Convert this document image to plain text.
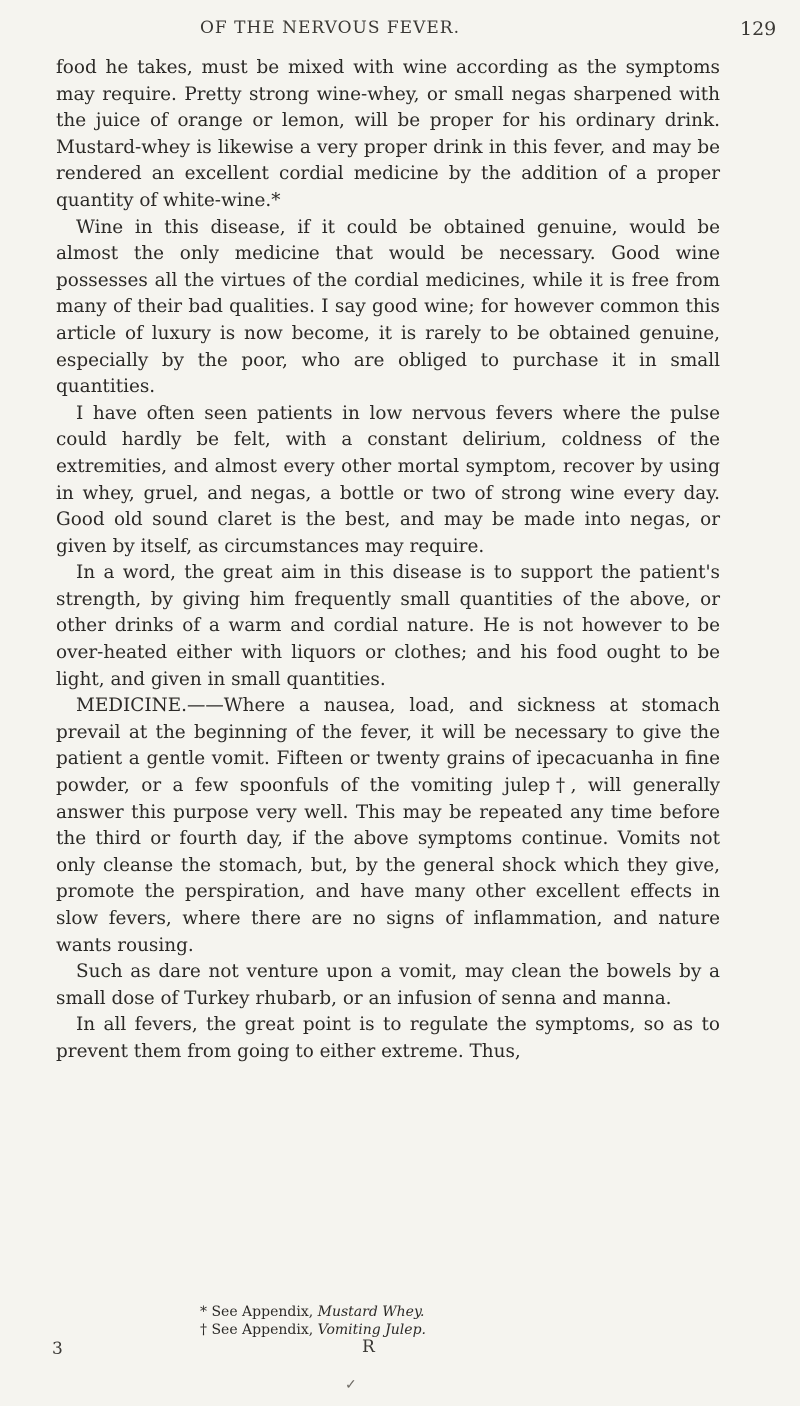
OF THE NERVOUS FEVER.	129

food he takes, must be mixed with wine according as the symptoms may require. Pretty strong wine-whey, or small negas sharpened with the juice of orange or lemon, will be proper for his ordinary drink. Mustard-whey is likewise a very proper drink in this fever, and may be rendered an excellent cordial medicine by the addition of a proper quantity of white-wine.*

Wine in this disease, if it could be obtained genuine, would be almost the only medicine that would be necessary. Good wine possesses all the virtues of the cordial medicines, while it is free from many of their bad qualities. I say good wine; for however common this article of luxury is now become, it is rarely to be obtained genuine, especially by the poor, who are obliged to purchase it in small quantities.

I have often seen patients in low nervous fevers where the pulse could hardly be felt, with a constant delirium, coldness of the extremities, and almost every other mortal symptom, recover by using in whey, gruel, and negas, a bottle or two of strong wine every day. Good old sound claret is the best, and may be made into negas, or given by itself, as circumstances may require.

In a word, the great aim in this disease is to support the patient's strength, by giving him frequently small quantities of the above, or other drinks of a warm and cordial nature. He is not however to be over-heated either with liquors or clothes; and his food ought to be light, and given in small quantities.

MEDICINE.——Where a nausea, load, and sickness at stomach prevail at the beginning of the fever, it will be necessary to give the patient a gentle vomit. Fifteen or twenty grains of ipecacuanha in fine powder, or a few spoonfuls of the vomiting julep†, will generally answer this purpose very well. This may be repeated any time before the third or fourth day, if the above symptoms continue. Vomits not only cleanse the stomach, but, by the general shock which they give, promote the perspiration, and have many other excellent effects in slow fevers, where there are no signs of inflammation, and nature wants rousing.

Such as dare not venture upon a vomit, may clean the bowels by a small dose of Turkey rhubarb, or an infusion of senna and manna.

In all fevers, the great point is to regulate the symptoms, so as to prevent them from going to either extreme. Thus,

* See Appendix, Mustard Whey.
† See Appendix, Vomiting Julep.
3	R
✓
